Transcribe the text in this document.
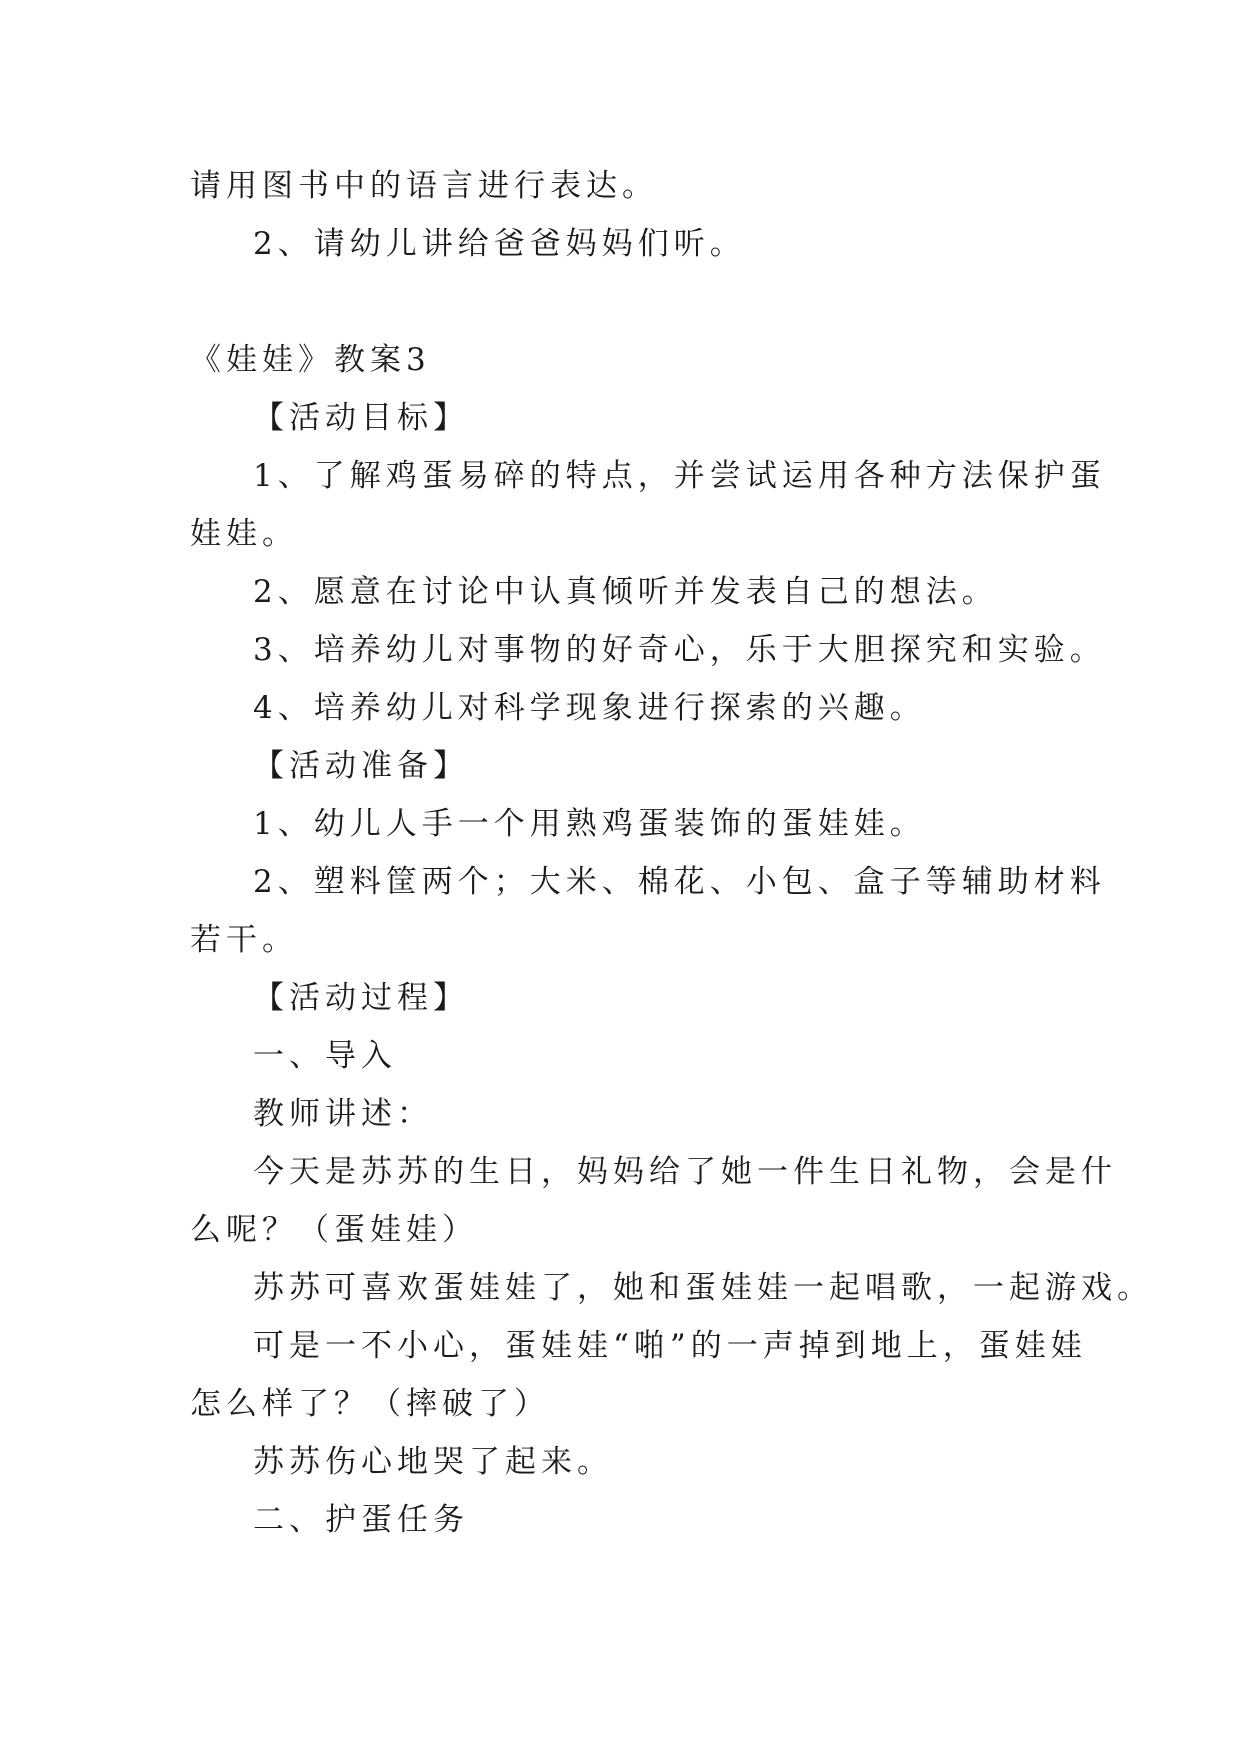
请用图书中的语言进行表达。
2、请幼儿讲给爸爸妈妈们听。
《娃娃》教案3
【活动目标】
1、了解鸡蛋易碎的特点，并尝试运用各种方法保护蛋
娃娃。
2、愿意在讨论中认真倾听并发表自己的想法。
3、培养幼儿对事物的好奇心，乐于大胆探究和实验。
4、培养幼儿对科学现象进行探索的兴趣。
【活动准备】
1、幼儿人手一个用熟鸡蛋装饰的蛋娃娃。
2、塑料筐两个；大米、棉花、小包、盒子等辅助材料
若干。
【活动过程】
一、导入
教师讲述：
今天是苏苏的生日，妈妈给了她一件生日礼物，会是什
么呢？（蛋娃娃）
苏苏可喜欢蛋娃娃了，她和蛋娃娃一起唱歌，一起游戏。
可是一不小心，蛋娃娃“啪”的一声掉到地上，蛋娃娃
怎么样了？（摔破了）
苏苏伤心地哭了起来。
二、护蛋任务
